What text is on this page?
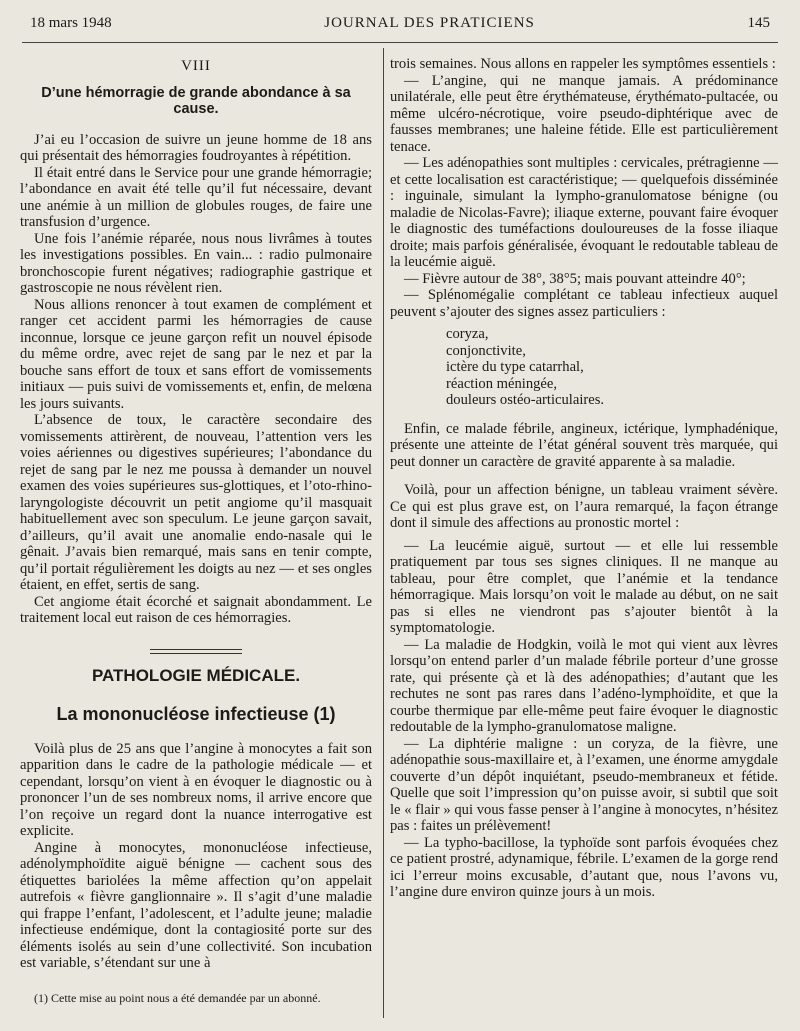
18 mars 1948	JOURNAL DES PRATICIENS	145
VIII
D’une hémorragie de grande abondance à sa cause.

J’ai eu l’occasion de suivre un jeune homme de 18 ans qui présentait des hémorragies foudroyantes à répétition.

Il était entré dans le Service pour une grande hémorragie; l’abondance en avait été telle qu’il fut nécessaire, devant une anémie à un million de globules rouges, de faire une transfusion d’urgence.

Une fois l’anémie réparée, nous nous livrâmes à toutes les investigations possibles. En vain... : radio pulmonaire bronchoscopie furent négatives; radiographie gastrique et gastroscopie ne nous révèlent rien.

Nous allions renoncer à tout examen de complément et ranger cet accident parmi les hémorragies de cause inconnue, lorsque ce jeune garçon refit un nouvel épisode du même ordre, avec rejet de sang par le nez et par la bouche sans effort de toux et sans effort de vomissements initiaux — puis suivi de vomissements et, enfin, de melœna les jours suivants.

L’absence de toux, le caractère secondaire des vomissements attirèrent, de nouveau, l’attention vers les voies aériennes ou digestives supérieures; l’abondance du rejet de sang par le nez me poussa à demander un nouvel examen des voies supérieures sus-glottiques, et l’oto-rhino-laryngologiste découvrit un petit angiome qu’il masquait habituellement avec son speculum. Le jeune garçon savait, d’ailleurs, qu’il avait une anomalie endo-nasale qui le gênait. J’avais bien remarqué, mais sans en tenir compte, qu’il portait régulièrement les doigts au nez — et ses ongles étaient, en effet, sertis de sang.

Cet angiome était écorché et saignait abondamment. Le traitement local eut raison de ces hémorragies.

PATHOLOGIE MÉDICALE.
La mononucléose infectieuse (1)

Voilà plus de 25 ans que l’angine à monocytes a fait son apparition dans le cadre de la pathologie médicale — et cependant, lorsqu’on vient à en évoquer le diagnostic ou à prononcer l’un de ses nombreux noms, il arrive encore que l’on reçoive un regard dont la nuance interrogative est explicite.

Angine à monocytes, mononucléose infectieuse, adénolymphoïdite aiguë bénigne — cachent sous des étiquettes bariolées la même affection qu’on appelait autrefois « fièvre ganglionnaire ». Il s’agit d’une maladie qui frappe l’enfant, l’adolescent, et l’adulte jeune; maladie infectieuse endémique, dont la contagiosité porte sur des éléments isolés au sein d’une collectivité. Son incubation est variable, s’étendant sur une à

(1) Cette mise au point nous a été demandée par un abonné.

trois semaines. Nous allons en rappeler les symptômes essentiels :

— L’angine, qui ne manque jamais. A prédominance unilatérale, elle peut être érythémateuse, érythémato-pultacée, ou même ulcéro-nécrotique, voire pseudo-diphtérique avec de fausses membranes; une haleine fétide. Elle est particulièrement tenace.

— Les adénopathies sont multiples : cervicales, prétragienne — et cette localisation est caractéristique; — quelquefois disséminée : inguinale, simulant la lympho-granulomatose bénigne (ou maladie de Nicolas-Favre); iliaque externe, pouvant faire évoquer le diagnostic des tuméfactions douloureuses de la fosse iliaque droite; mais parfois généralisée, évoquant le redoutable tableau de la leucémie aiguë.

— Fièvre autour de 38°, 38°5; mais pouvant atteindre 40°;

— Splénomégalie complétant ce tableau infectieux auquel peuvent s’ajouter des signes assez particuliers :

coryza,
conjonctivite,
ictère du type catarrhal,
réaction méningée,
douleurs ostéo-articulaires.

Enfin, ce malade fébrile, angineux, ictérique, lymphadénique, présente une atteinte de l’état général souvent très marquée, qui peut donner un caractère de gravité apparente à sa maladie.

Voilà, pour un affection bénigne, un tableau vraiment sévère. Ce qui est plus grave est, on l’aura remarqué, la façon étrange dont il simule des affections au pronostic mortel :

— La leucémie aiguë, surtout — et elle lui ressemble pratiquement par tous ses signes cliniques. Il ne manque au tableau, pour être complet, que l’anémie et la tendance hémorragique. Mais lorsqu’on voit le malade au début, on ne sait pas si elles ne viendront pas s’ajouter bientôt à la symptomatologie.

— La maladie de Hodgkin, voilà le mot qui vient aux lèvres lorsqu’on entend parler d’un malade fébrile porteur d’une grosse rate, qui présente çà et là des adénopathies; d’autant que les rechutes ne sont pas rares dans l’adéno-lymphoïdite, et que la courbe thermique par elle-même peut faire évoquer le diagnostic redoutable de la lympho-granulomatose maligne.

— La diphtérie maligne : un coryza, de la fièvre, une adénopathie sous-maxillaire et, à l’examen, une énorme amygdale couverte d’un dépôt inquiétant, pseudo-membraneux et fétide. Quelle que soit l’impression qu’on puisse avoir, si subtil que soit le « flair » qui vous fasse penser à l’angine à monocytes, n’hésitez pas : faites un prélèvement!

— La typho-bacillose, la typhoïde sont parfois évoquées chez ce patient prostré, adynamique, fébrile. L’examen de la gorge rend ici l’erreur moins excusable, d’autant que, nous l’avons vu, l’angine dure environ quinze jours à un mois.
